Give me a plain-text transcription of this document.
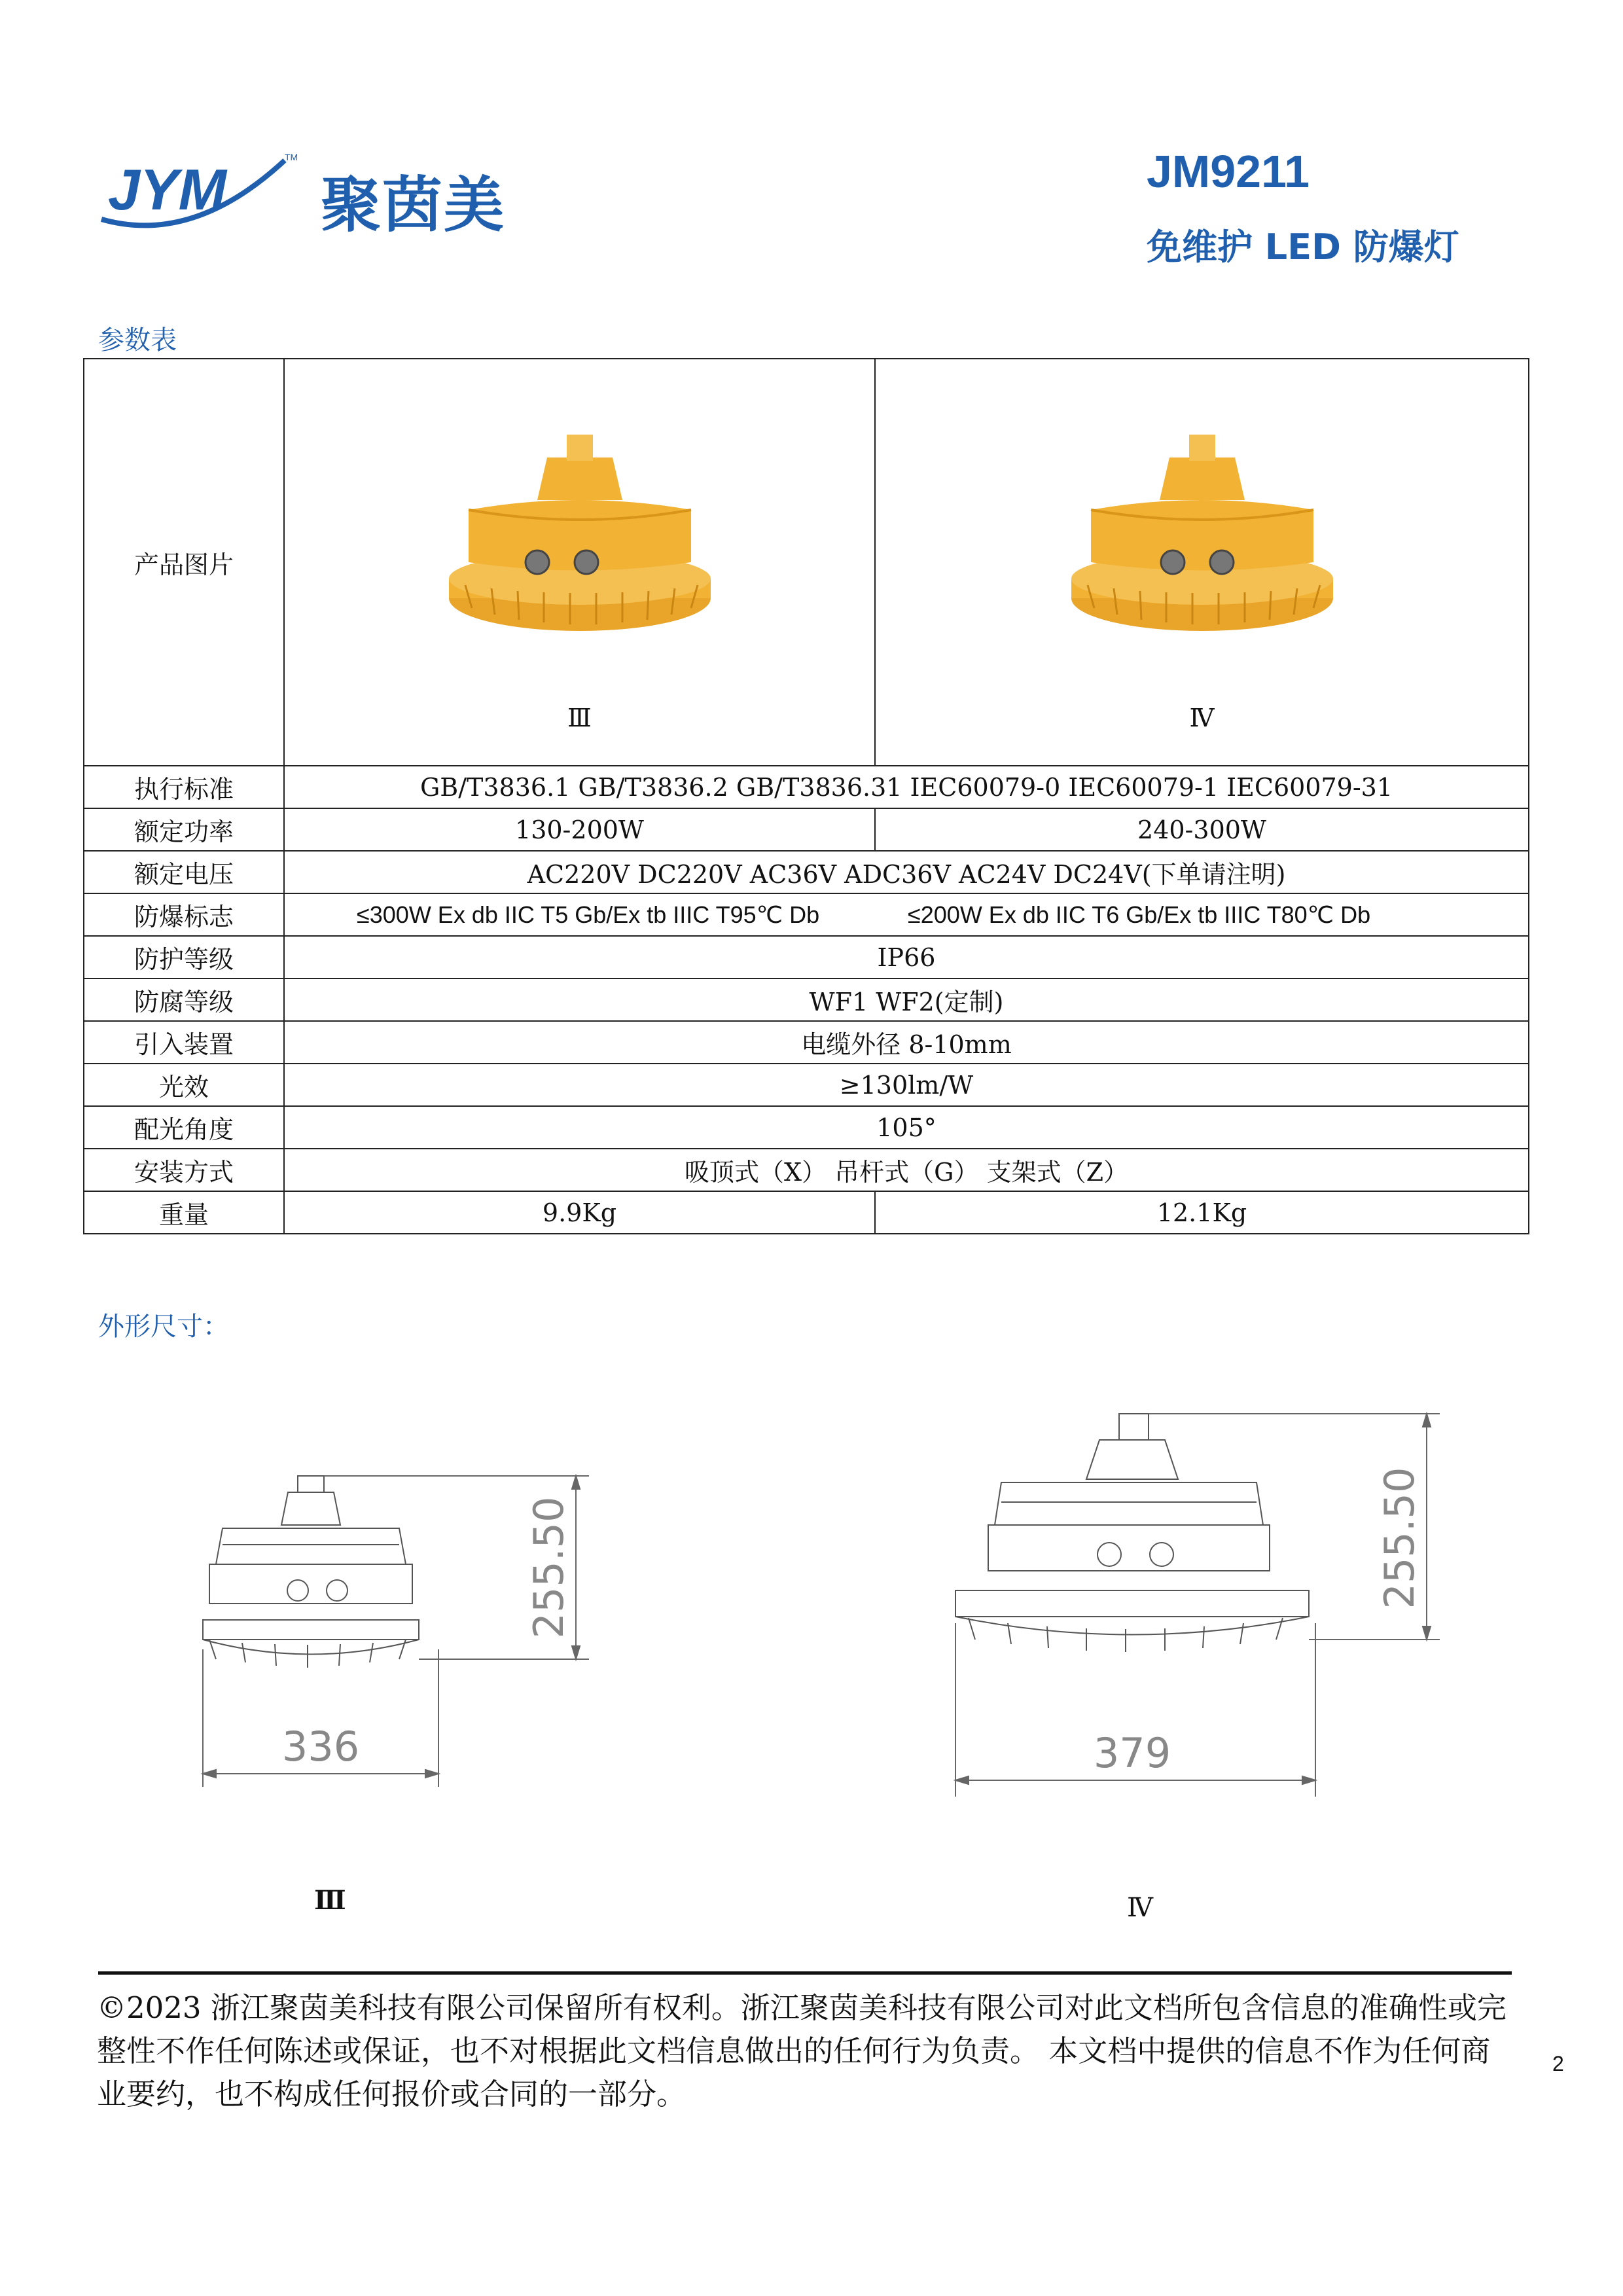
JYM	TM
聚茵美	JM9211
免维护 LED 防爆灯
参数表
产品图片	Ⅲ	Ⅳ

执行标准	GB/T3836.1 GB/T3836.2 GB/T3836.31 IEC60079-0 IEC60079-1 IEC60079-31	
额定功率	130-200W	240-300W
额定电压	AC220V DC220V AC36V ADC36V AC24V DC24V(下单请注明)	
防爆标志	≤300W Ex db IIC T5 Gb/Ex tb IIIC T95℃ Db ≤200W Ex db IIC T6 Gb/Ex tb IIIC T80℃ Db	
防护等级	IP66	
防腐等级	WF1 WF2(定制)	
引入装置	电缆外径 8-10mm	
光效	≥130lm/W	
配光角度	105°	
安装方式	吸顶式（X） 吊杆式（G） 支架式（Z）	
重量	9.9Kg	12.1Kg
外形尺寸：
255.50
336
Ⅲ
255.50
379
Ⅳ
©2023 浙江聚茵美科技有限公司保留所有权利。浙江聚茵美科技有限公司对此文档所包含信息的准确性或完整性不作任何陈述或保证，也不对根据此文档信息做出的任何行为负责。 本文档中提供的信息不作为任何商业要约，也不构成任何报价或合同的一部分。
2
